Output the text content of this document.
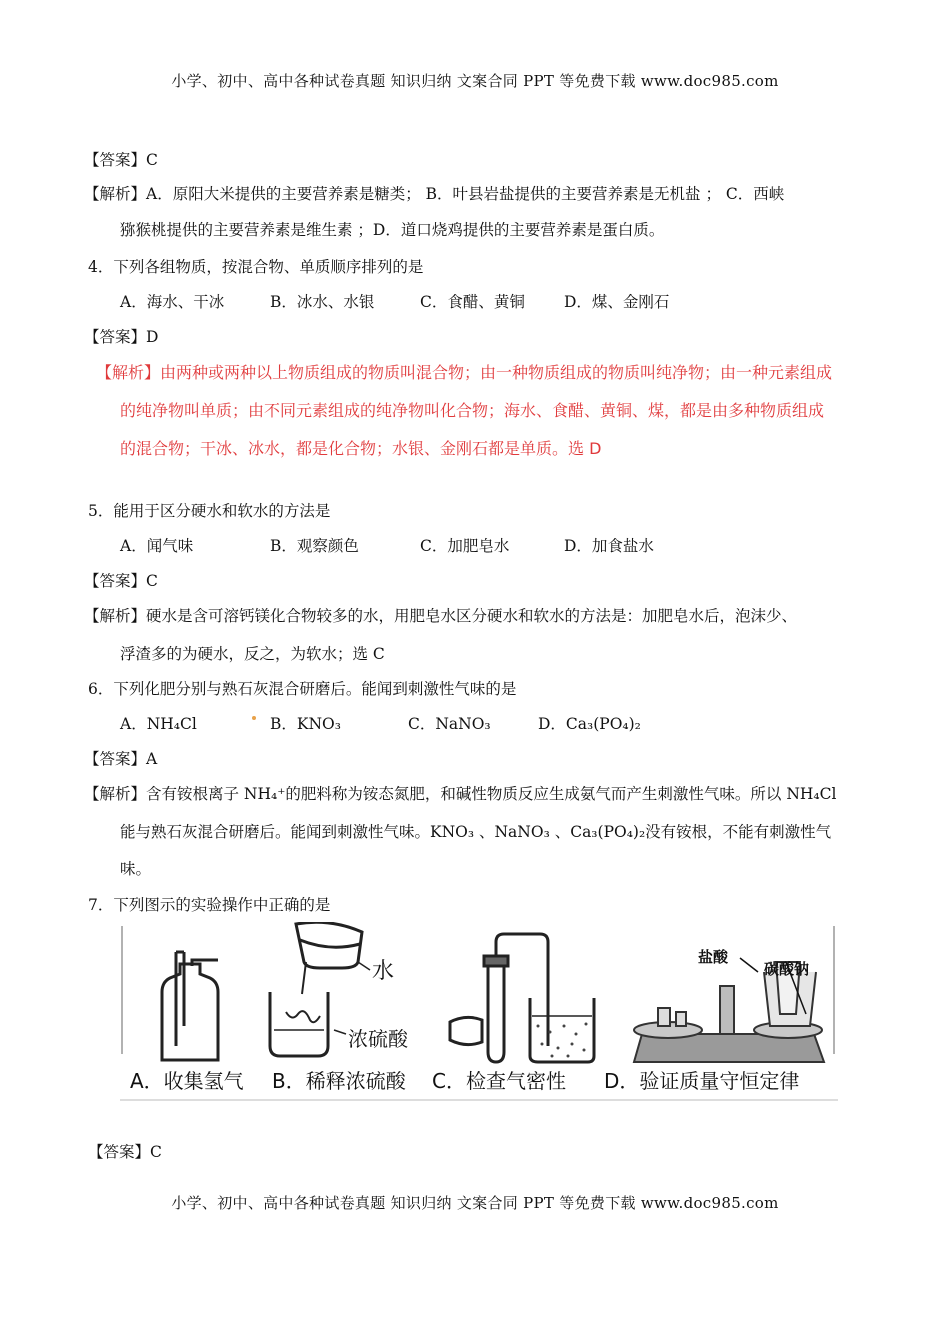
小学、初中、高中各种试卷真题 知识归纳 文案合同 PPT 等免费下载 www.doc985.com
【答案】C
【解析】A．原阳大米提供的主要营养素是糖类； B．叶县岩盐提供的主要营养素是无机盐 ； C．西峡
猕猴桃提供的主要营养素是维生素 ；D．道口烧鸡提供的主要营养素是蛋白质。
4．下列各组物质，按混合物、单质顺序排列的是
A．海水、干冰	B．冰水、水银	C．食醋、黄铜	D．煤、金刚石
【答案】D
【解析】由两种或两种以上物质组成的物质叫混合物；由一种物质组成的物质叫纯净物；由一种元素组成
的纯净物叫单质；由不同元素组成的纯净物叫化合物；海水、食醋、黄铜、煤，都是由多种物质组成
的混合物；干冰、冰水，都是化合物；水银、金刚石都是单质。选 D
5．能用于区分硬水和软水的方法是
A．闻气味	B．观察颜色	C．加肥皂水	D．加食盐水
【答案】C
【解析】硬水是含可溶钙镁化合物较多的水，用肥皂水区分硬水和软水的方法是：加肥皂水后，泡沫少、
浮渣多的为硬水，反之，为软水；选 C
6．下列化肥分别与熟石灰混合研磨后。能闻到刺激性气味的是
A．NH₄Cl	B．KNO₃	C．NaNO₃	D．Ca₃(PO₄)₂
【答案】A
【解析】含有铵根离子 NH₄⁺的肥料称为铵态氮肥，和碱性物质反应生成氨气而产生刺激性气味。所以 NH₄Cl
能与熟石灰混合研磨后。能闻到刺激性气味。KNO₃ 、NaNO₃ 、Ca₃(PO₄)₂没有铵根，不能有刺激性气
味。
7．下列图示的实验操作中正确的是
水
浓硫酸
盐酸
碳酸钠
A．收集氢气 B．稀释浓硫酸 C．检查气密性 D．验证质量守恒定律
【答案】C
小学、初中、高中各种试卷真题 知识归纳 文案合同 PPT 等免费下载 www.doc985.com
